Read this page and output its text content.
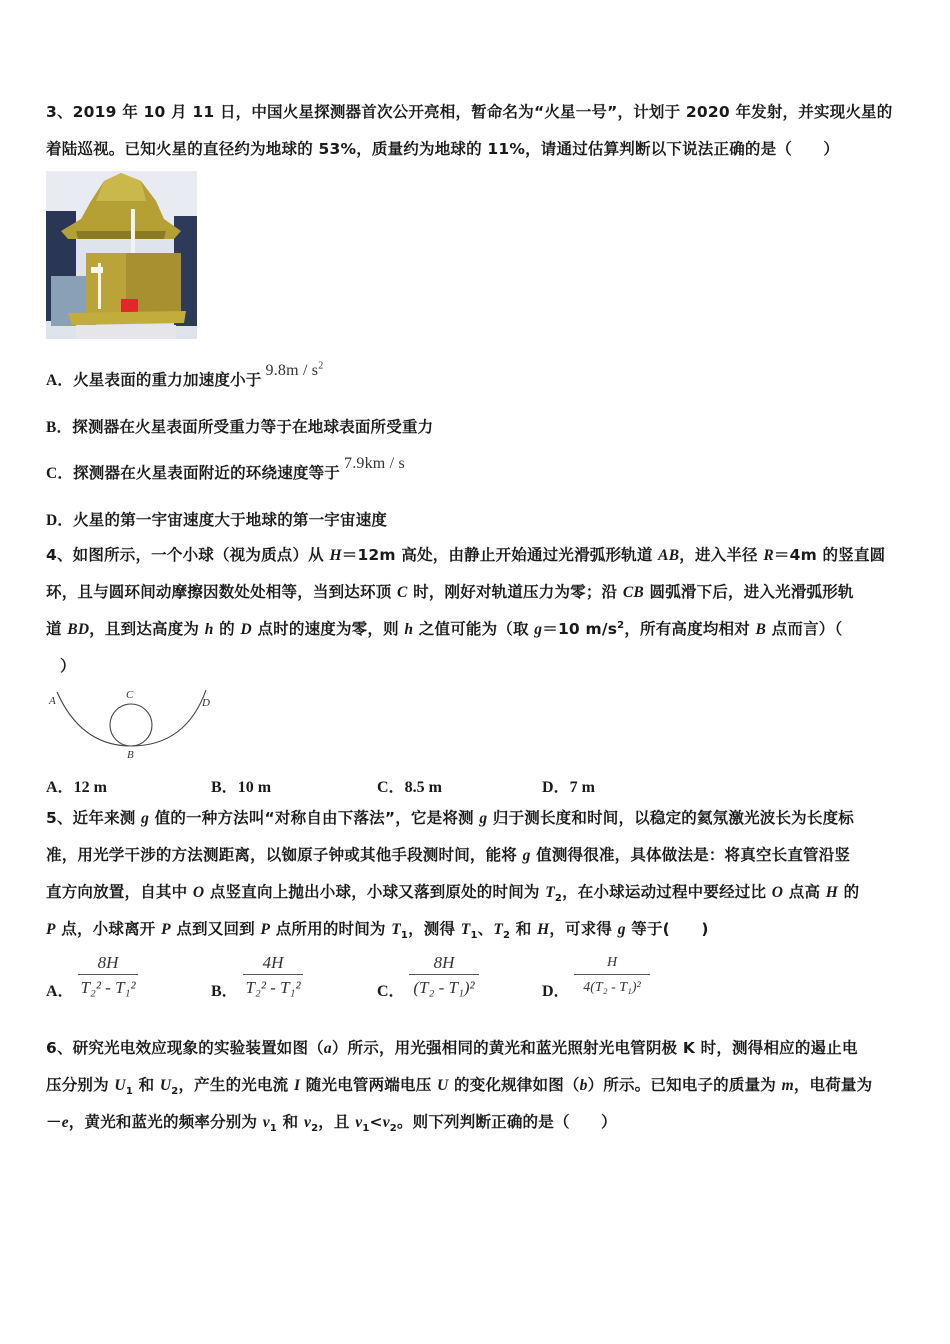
3、2019 年 10 月 11 日，中国火星探测器首次公开亮相，暂命名为“火星一号”，计划于 2020 年发射，并实现火星的
着陆巡视。已知火星的直径约为地球的 53%，质量约为地球的 11%，请通过估算判断以下说法正确的是（　　）
A．火星表面的重力加速度小于$9.8m / s^2$
B．探测器在火星表面所受重力等于在地球表面所受重力
C．探测器在火星表面附近的环绕速度等于7.9km / s
D．火星的第一宇宙速度大于地球的第一宇宙速度
4、如图所示，一个小球（视为质点）从 H＝12m 高处，由静止开始通过光滑弧形轨道 AB，进入半径 R＝4m 的竖直圆
环，且与圆环间动摩擦因数处处相等，当到达环顶 C 时，刚好对轨道压力为零；沿 CB 圆弧滑下后，进入光滑弧形轨
道 BD，且到达高度为 h 的 D 点时的速度为零，则 h 之值可能为（取 g＝10 $m/s^2$，所有高度均相对 B 点而言）（
）
A	C
D
B
A．12 m	B．10 m	C．8.5 m	D．7 m
5、近年来测 g 值的一种方法叫“对称自由下落法”，它是将测 g 归于测长度和时间，以稳定的氦氖激光波长为长度标
准，用光学干涉的方法测距离，以铷原子钟或其他手段测时间，能将 g 值测得很准，具体做法是：将真空长直管沿竖
直方向放置，自其中 O 点竖直向上抛出小球，小球又落到原处的时间为 $T_2$，在小球运动过程中要经过比 O 点高 H 的
P 点，小球离开 P 点到又回到 P 点所用的时间为 $T_1$，测得 $T_1$、$T_2$ 和 H，可求得 g 等于(　　)
A．
8H
T₂² - T₁²	B．
4H
T₂² - T₁²	C．
8H
(T₂ - T₁)²	D．
H
4(T₂ - T₁)²
6、研究光电效应现象的实验装置如图（a）所示，用光强相同的黄光和蓝光照射光电管阴极 K 时，测得相应的遏止电
压分别为 $U_1$ 和 $U_2$，产生的光电流 I 随光电管两端电压 U 的变化规律如图（b）所示。已知电子的质量为 m，电荷量为
－e，黄光和蓝光的频率分别为 $v_1$ 和 $v_2$，且 $v_1<v_2$。则下列判断正确的是（　　）
